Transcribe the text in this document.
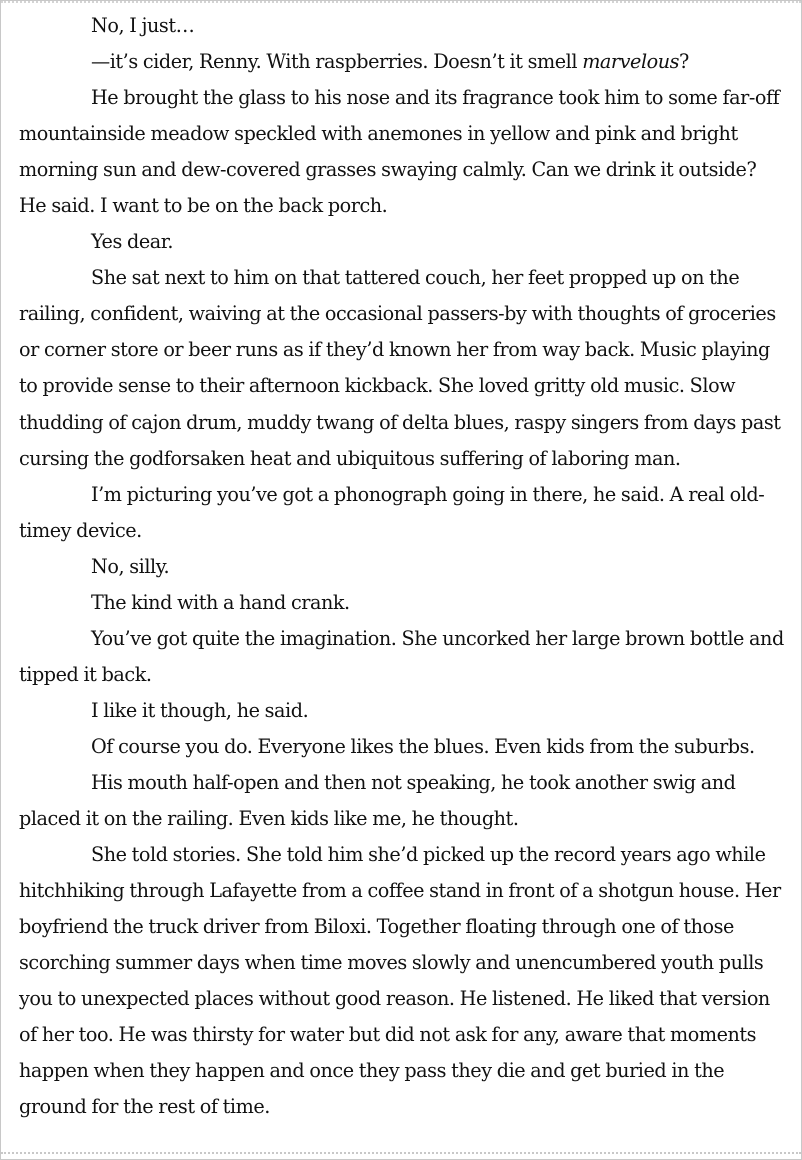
No, I just…

—it’s cider, Renny. With raspberries. Doesn’t it smell marvelous?

He brought the glass to his nose and its fragrance took him to some far-off mountainside meadow speckled with anemones in yellow and pink and bright morning sun and dew-covered grasses swaying calmly. Can we drink it outside? He said. I want to be on the back porch.

Yes dear.

She sat next to him on that tattered couch, her feet propped up on the railing, confident, waiving at the occasional passers-by with thoughts of groceries or corner store or beer runs as if they’d known her from way back. Music playing to provide sense to their afternoon kickback. She loved gritty old music. Slow thudding of cajon drum, muddy twang of delta blues, raspy singers from days past cursing the godforsaken heat and ubiquitous suffering of laboring man.

I’m picturing you’ve got a phonograph going in there, he said. A real old-timey device.

No, silly.

The kind with a hand crank.

You’ve got quite the imagination. She uncorked her large brown bottle and tipped it back.

I like it though, he said.

Of course you do. Everyone likes the blues. Even kids from the suburbs.

His mouth half-open and then not speaking, he took another swig and placed it on the railing. Even kids like me, he thought.

She told stories. She told him she’d picked up the record years ago while hitchhiking through Lafayette from a coffee stand in front of a shotgun house. Her boyfriend the truck driver from Biloxi. Together floating through one of those scorching summer days when time moves slowly and unencumbered youth pulls you to unexpected places without good reason. He listened. He liked that version of her too. He was thirsty for water but did not ask for any, aware that moments happen when they happen and once they pass they die and get buried in the ground for the rest of time.
